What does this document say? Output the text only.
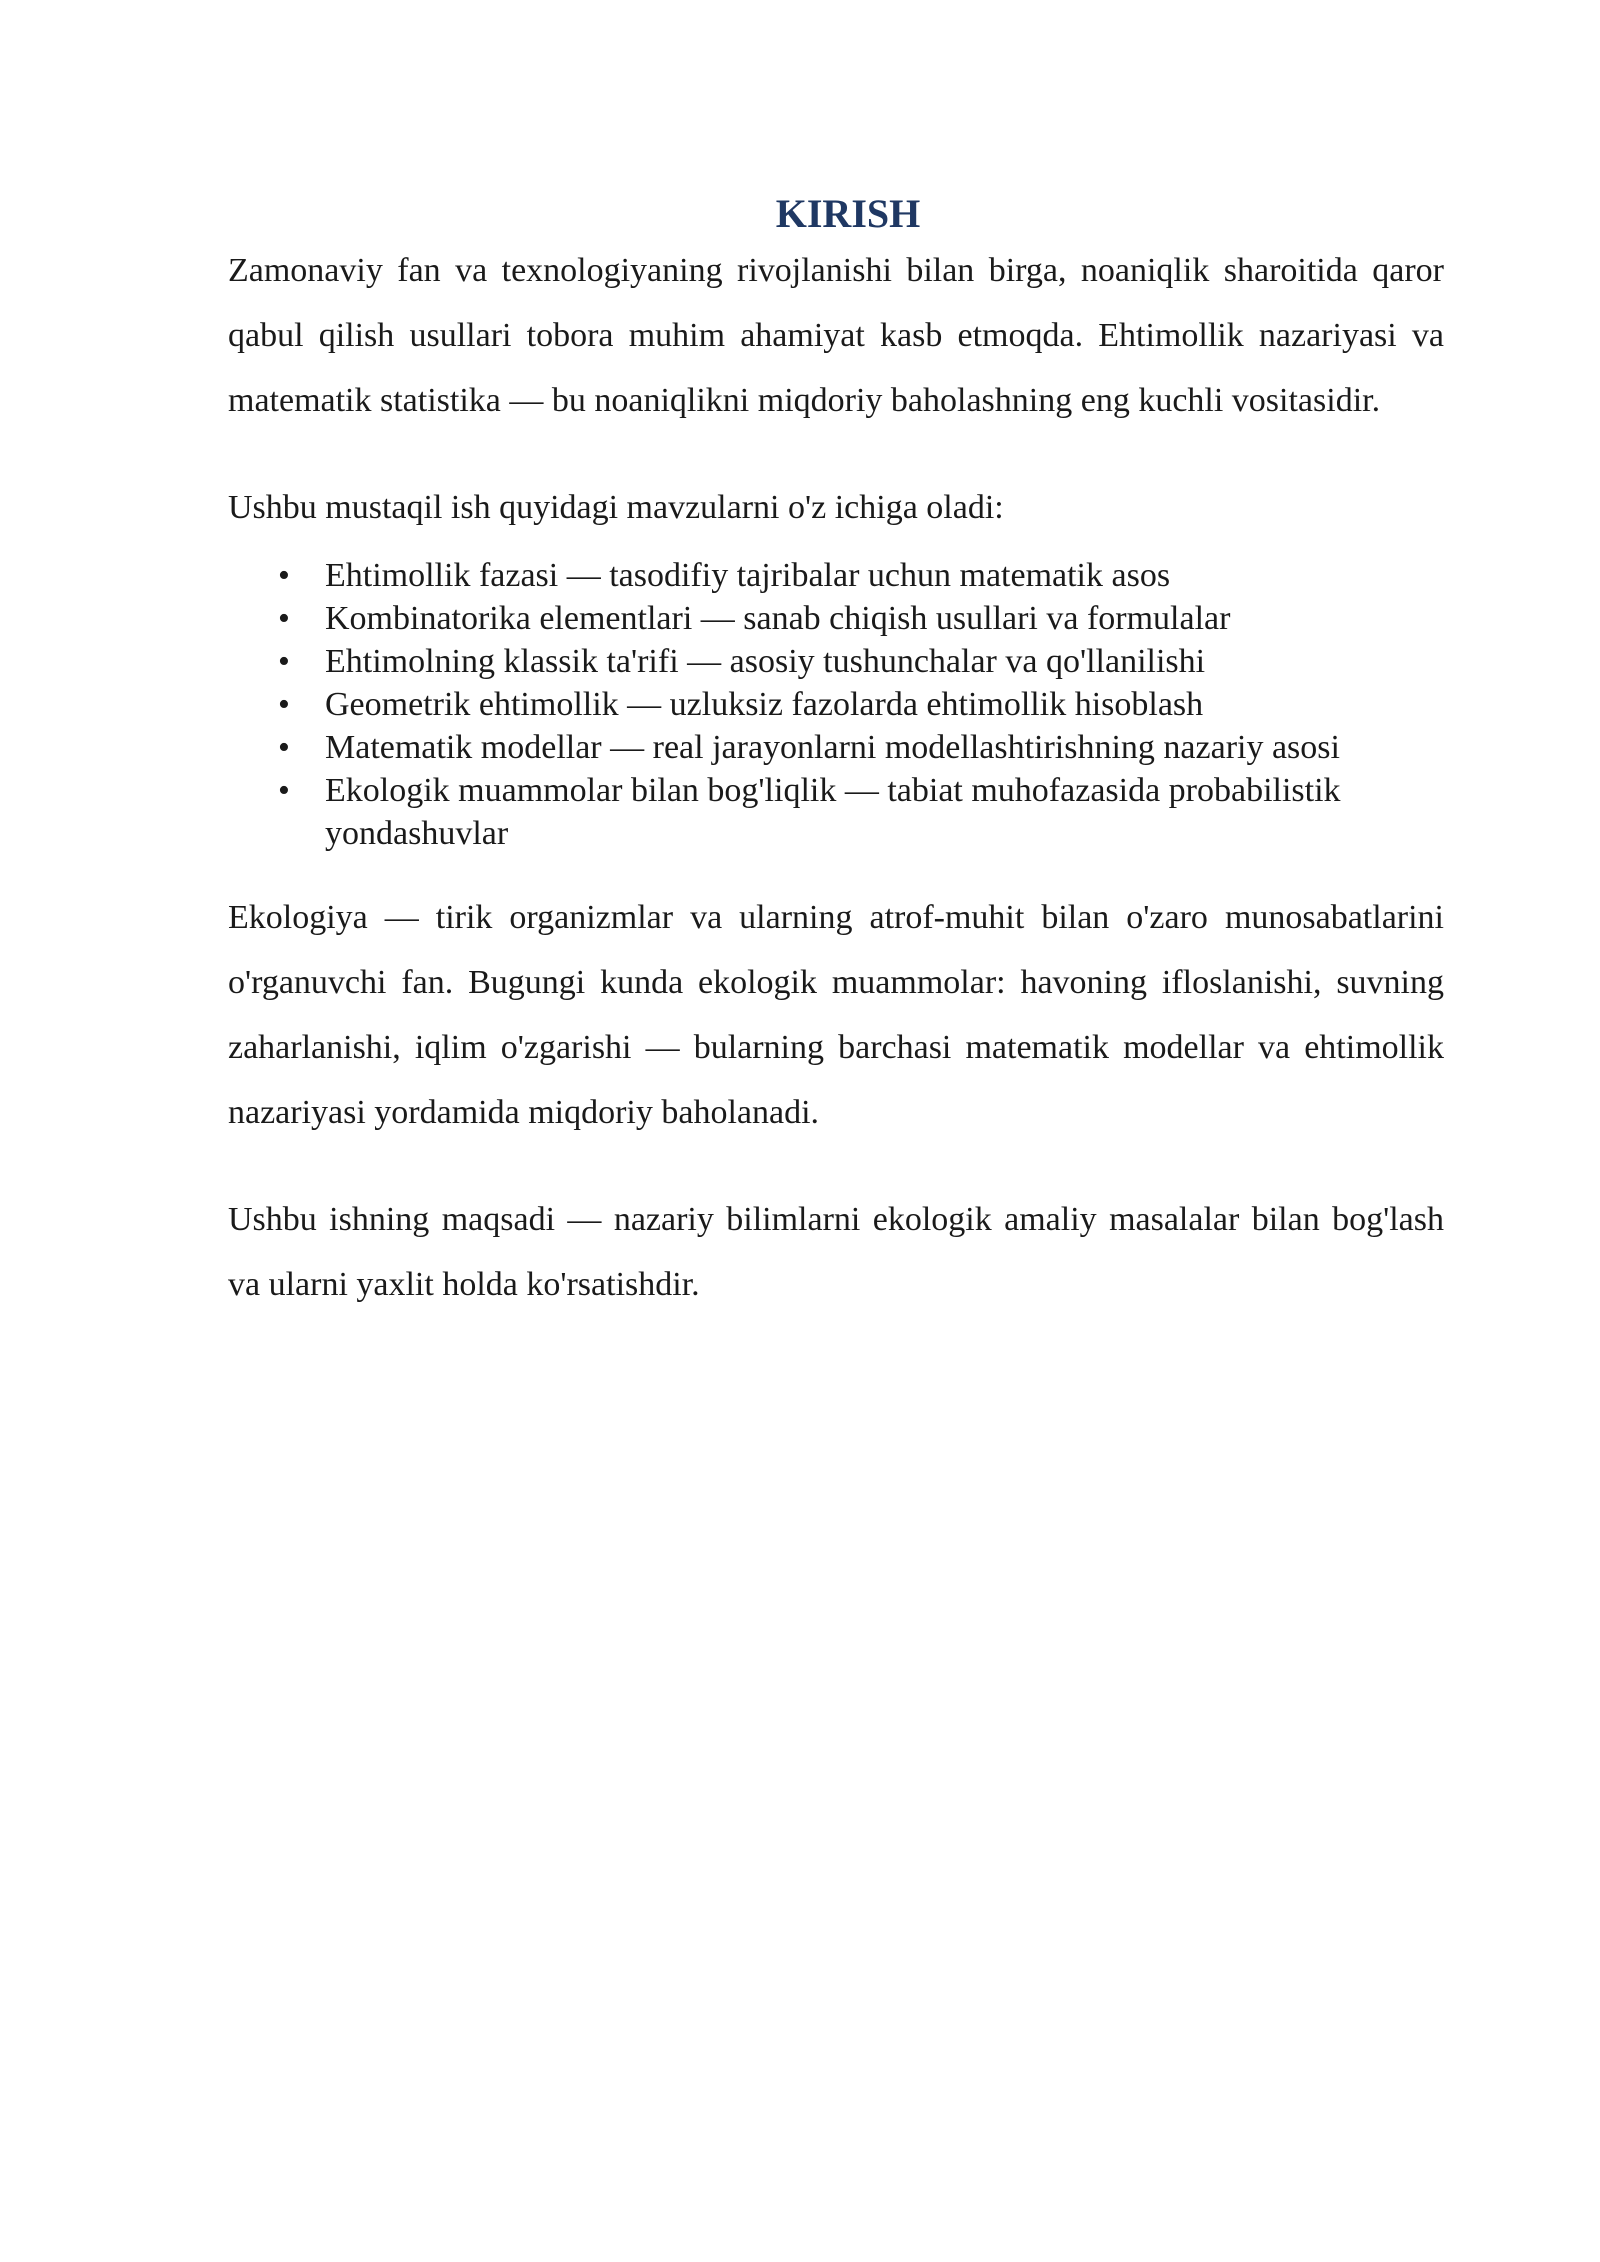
KIRISH

Zamonaviy fan va texnologiyaning rivojlanishi bilan birga, noaniqlik sharoitida qaror qabul qilish usullari tobora muhim ahamiyat kasb etmoqda. Ehtimollik nazariyasi va matematik statistika — bu noaniqlikni miqdoriy baholashning eng kuchli vositasidir.

Ushbu mustaqil ish quyidagi mavzularni o'z ichiga oladi:

• Ehtimollik fazasi — tasodifiy tajribalar uchun matematik asos
• Kombinatorika elementlari — sanab chiqish usullari va formulalar
• Ehtimolning klassik ta'rifi — asosiy tushunchalar va qo'llanilishi
• Geometrik ehtimollik — uzluksiz fazolarda ehtimollik hisoblash
• Matematik modellar — real jarayonlarni modellashtirishning nazariy asosi
• Ekologik muammolar bilan bog'liqlik — tabiat muhofazasida probabilistik yondashuvlar

Ekologiya — tirik organizmlar va ularning atrof-muhit bilan o'zaro munosabatlarini o'rganuvchi fan. Bugungi kunda ekologik muammolar: havoning ifloslanishi, suvning zaharlanishi, iqlim o'zgarishi — bularning barchasi matematik modellar va ehtimollik nazariyasi yordamida miqdoriy baholanadi.

Ushbu ishning maqsadi — nazariy bilimlarni ekologik amaliy masalalar bilan bog'lash va ularni yaxlit holda ko'rsatishdir.
